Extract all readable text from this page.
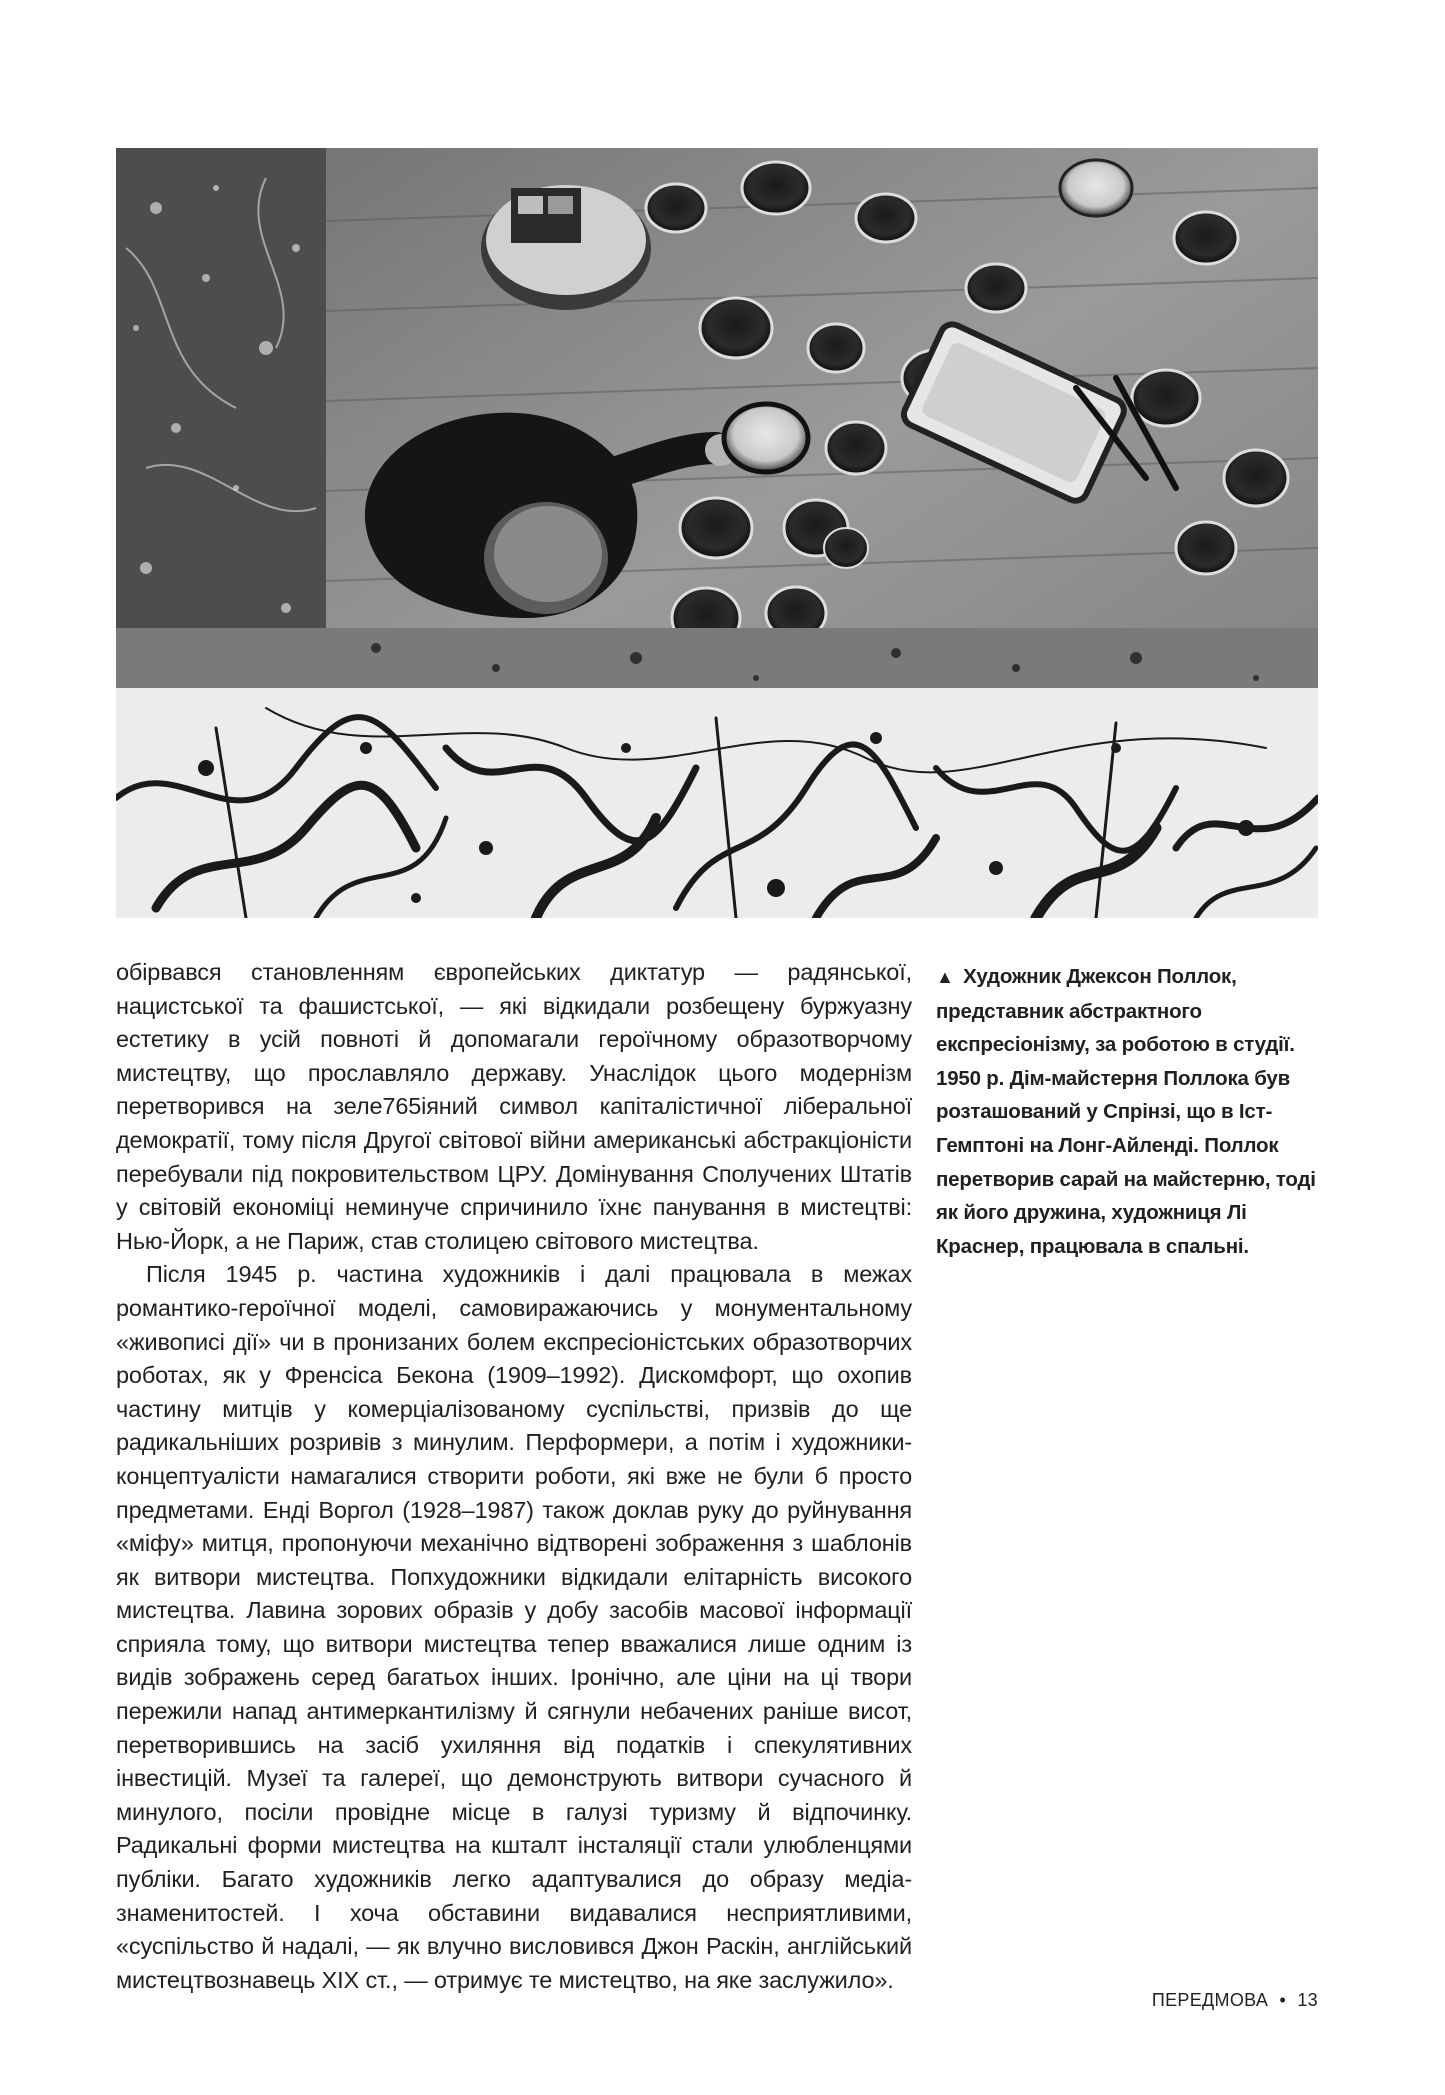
обірвався становленням європейських диктатур — радянської, нацистської та фашистської, — які відкидали розбещену буржуазну естетику в усій повноті й допомагали героїчному образотворчому мистецтву, що прославляло державу. Унаслідок цього модернізм перетворився на зеле765іяний символ капіталістичної ліберальної демократії, тому після Другої світової війни американські абстракціоністи перебували під покровительством ЦРУ. Домінування Сполучених Штатів у світовій економіці неминуче спричинило їхнє панування в мистецтві: Нью-Йорк, а не Париж, став столицею світового мистецтва.

Після 1945 р. частина художників і далі працювала в межах романтико-героїчної моделі, самовиражаючись у монументальному «живописі дії» чи в пронизаних болем експресіоністських образотворчих роботах, як у Френсіса Бекона (1909–1992). Дискомфорт, що охопив частину митців у комерціалізованому суспільстві, призвів до ще радикальніших розривів з минулим. Перформери, а потім і художники-концептуалісти намагалися створити роботи, які вже не були б просто предметами. Енді Воргол (1928–1987) також доклав руку до руйнування «міфу» митця, пропонуючи механічно відтворені зображення з шаблонів як витвори мистецтва. Попхудожники відкидали елітарність високого мистецтва. Лавина зорових образів у добу засобів масової інформації сприяла тому, що витвори мистецтва тепер вважалися лише одним із видів зображень серед багатьох інших. Іронічно, але ціни на ці твори пережили напад антимеркантилізму й сягнули небачених раніше висот, перетворившись на засіб ухиляння від податків і спекулятивних інвестицій. Музеї та галереї, що демонструють витвори сучасного й минулого, посіли провідне місце в галузі туризму й відпочинку. Радикальні форми мистецтва на кшталт інсталяції стали улюбленцями публіки. Багато художників легко адаптувалися до образу медіа-знаменитостей. І хоча обставини видавалися несприятливими, «суспільство й надалі, — як влучно висловився Джон Раскін, англійський мистецтвознавець XIX ст., — отримує те мистецтво, на яке заслужило».

▲ Художник Джексон Поллок, представник абстрактного експресіонізму, за роботою в студії. 1950 р. Дім-майстерня Поллока був розташований у Спрінзі, що в Іст-Гемптоні на Лонг-Айленді. Поллок перетворив сарай на майстерню, тоді як його дружина, художниця Лі Краснер, працювала в спальні.
ПЕРЕДМОВА • 13
